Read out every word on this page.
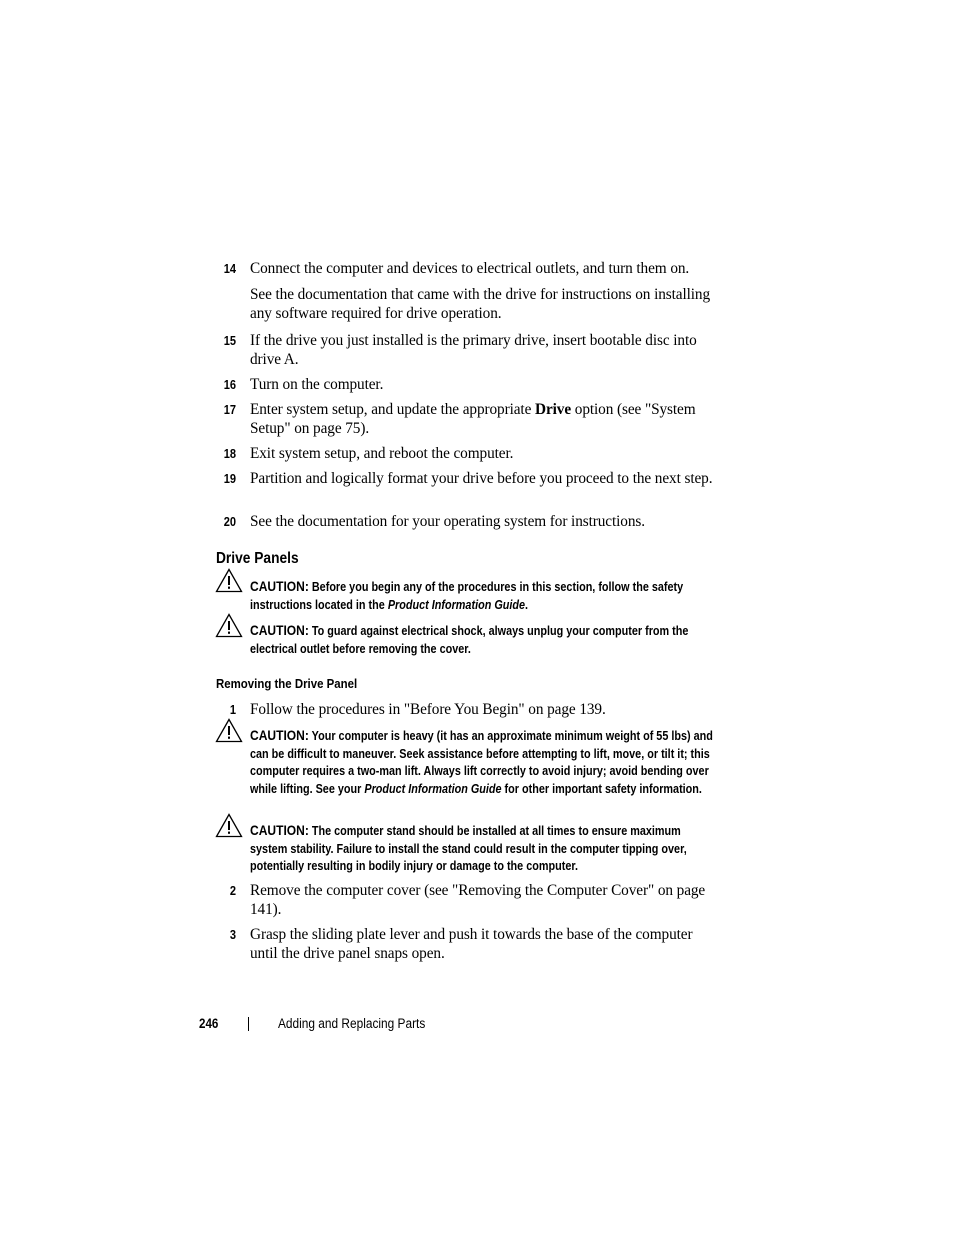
14 Connect the computer and devices to electrical outlets, and turn them on.
See the documentation that came with the drive for instructions on installing any software required for drive operation.
15 If the drive you just installed is the primary drive, insert bootable disc into drive A.
16 Turn on the computer.
17 Enter system setup, and update the appropriate Drive option (see "System Setup" on page 75).
18 Exit system setup, and reboot the computer.
19 Partition and logically format your drive before you proceed to the next step.
20 See the documentation for your operating system for instructions.
Drive Panels
CAUTION: Before you begin any of the procedures in this section, follow the safety instructions located in the Product Information Guide.
CAUTION: To guard against electrical shock, always unplug your computer from the electrical outlet before removing the cover.
Removing the Drive Panel
1 Follow the procedures in "Before You Begin" on page 139.
CAUTION: Your computer is heavy (it has an approximate minimum weight of 55 lbs) and can be difficult to maneuver. Seek assistance before attempting to lift, move, or tilt it; this computer requires a two-man lift. Always lift correctly to avoid injury; avoid bending over while lifting. See your Product Information Guide for other important safety information.
CAUTION: The computer stand should be installed at all times to ensure maximum system stability. Failure to install the stand could result in the computer tipping over, potentially resulting in bodily injury or damage to the computer.
2 Remove the computer cover (see "Removing the Computer Cover" on page 141).
3 Grasp the sliding plate lever and push it towards the base of the computer until the drive panel snaps open.
246	Adding and Replacing Parts
